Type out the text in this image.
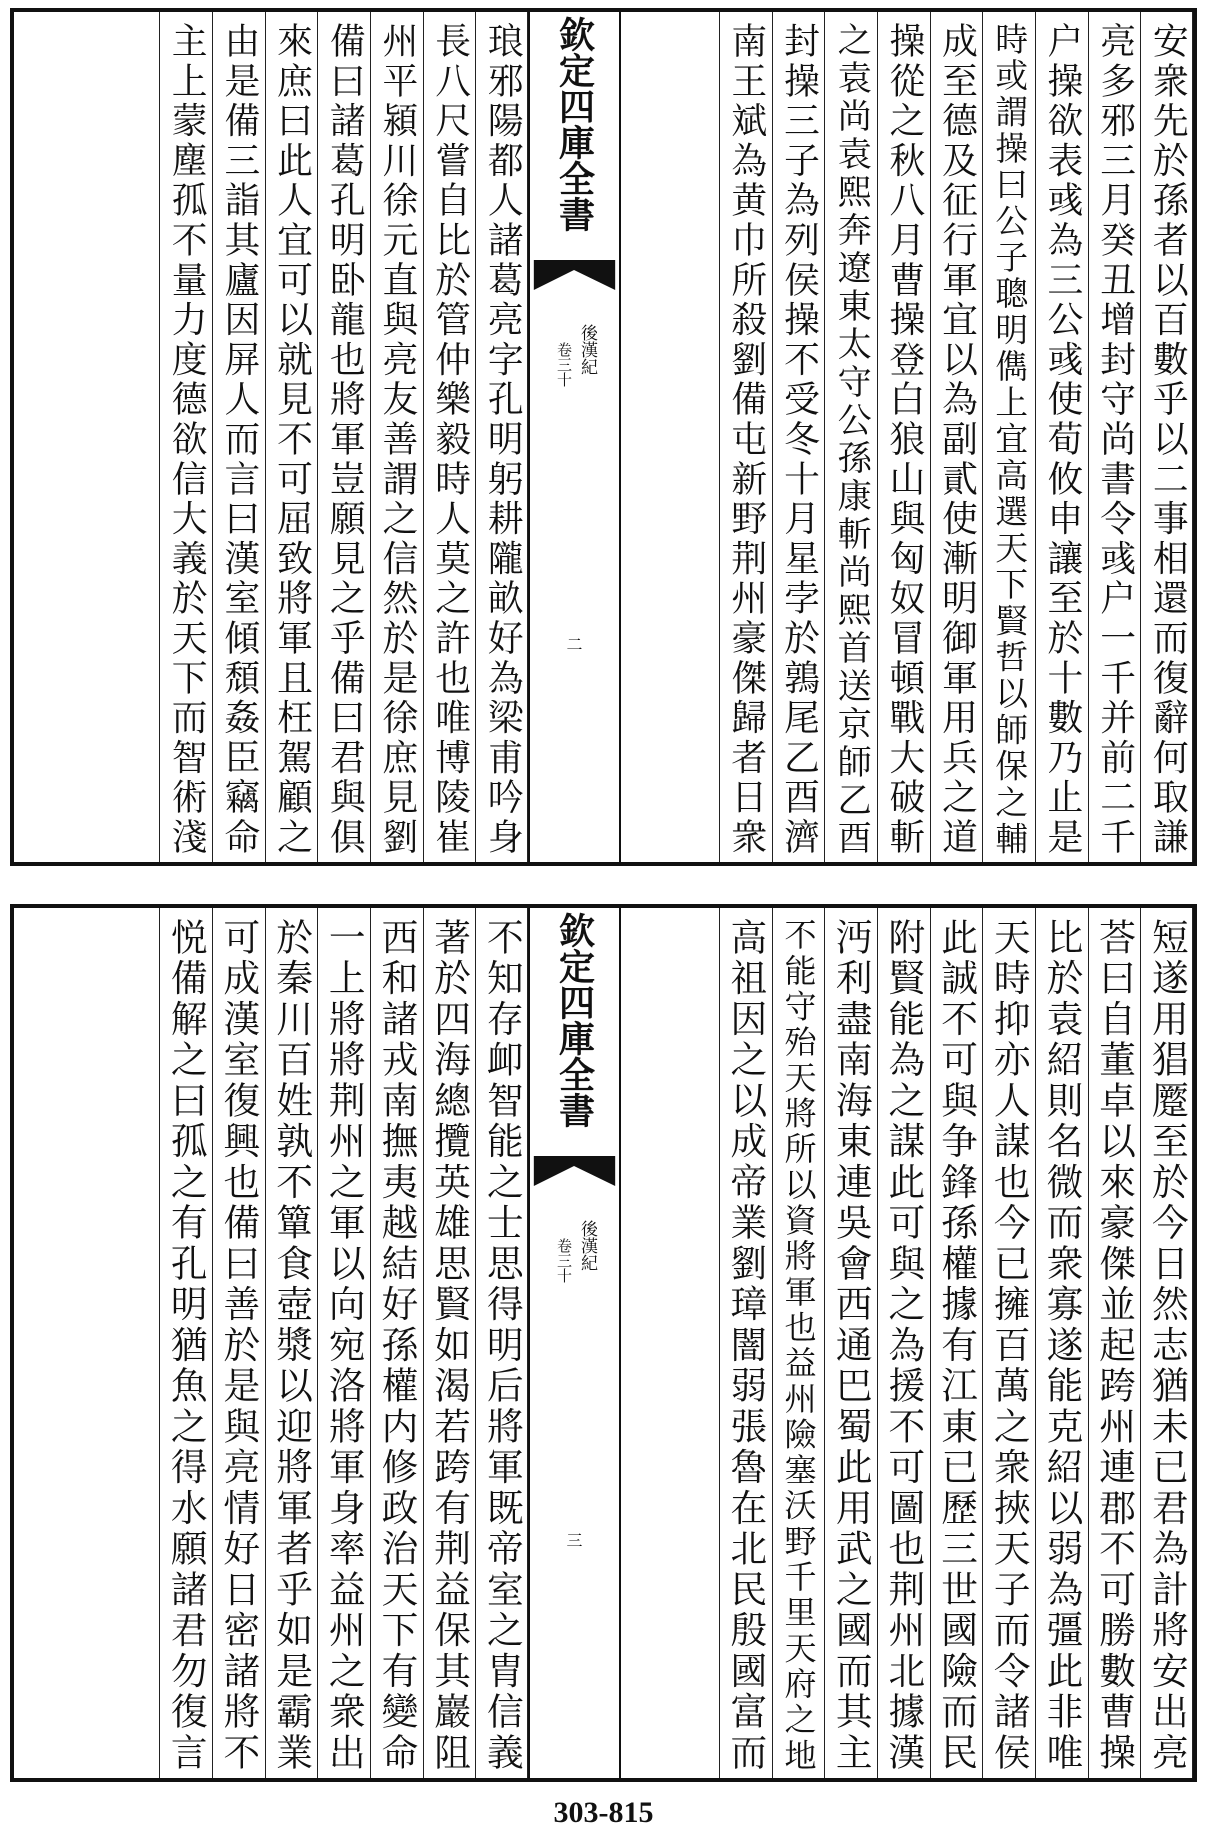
安衆先於孫者以百數乎以二事相還而復辭何取謙
亮多邪三月癸丑增封守尚書令彧户一千并前二千
户操欲表彧為三公彧使荀攸申讓至於十數乃止是
時或謂操曰公子聰明儁上宜高選天下賢哲以師保之輔
成至德及征行軍宜以為副貳使漸明御軍用兵之道
操從之秋八月曹操登白狼山與匈奴冒頓戰大破斬
之袁尚袁熙奔遼東太守公孫康斬尚熙首送京師乙酉
封操三子為列侯操不受冬十月星孛於鶉尾乙酉濟
南王斌為黄巾所殺劉備屯新野荆州豪傑歸者日衆
欽定四庫全書
後漢紀
卷三十
二
琅邪陽都人諸葛亮字孔明躬耕隴畝好為梁甫吟身
長八尺嘗自比於管仲樂毅時人莫之許也唯博陵崔
州平潁川徐元直與亮友善謂之信然於是徐庶見劉
備曰諸葛孔明卧龍也將軍豈願見之乎備曰君與俱
來庶曰此人宜可以就見不可屈致將軍且枉駕顧之
由是備三詣其廬因屏人而言曰漢室傾頹姦臣竊命
主上蒙塵孤不量力度德欲信大義於天下而智術淺
短遂用猖蹷至於今日然志猶未已君為計將安出亮
荅曰自董卓以來豪傑並起跨州連郡不可勝數曹操
比於袁紹則名微而衆寡遂能克紹以弱為彊此非唯
天時抑亦人謀也今已擁百萬之衆挾天子而令諸侯
此誠不可與争鋒孫權據有江東已歷三世國險而民
附賢能為之謀此可與之為援不可圖也荆州北據漢
沔利盡南海東連吳會西通巴蜀此用武之國而其主
不能守殆天將所以資將軍也益州險塞沃野千里天府之地
高祖因之以成帝業劉璋闇弱張魯在北民殷國富而
欽定四庫全書
後漢紀
卷三十
三
不知存卹智能之士思得明后將軍既帝室之胄信義
著於四海總攬英雄思賢如渴若跨有荆益保其巖阻
西和諸戎南撫夷越結好孫權内修政治天下有變命
一上將將荆州之軍以向宛洛將軍身率益州之衆出
於秦川百姓孰不簞食壺漿以迎將軍者乎如是霸業
可成漢室復興也備曰善於是與亮情好日密諸將不
悦備解之曰孤之有孔明猶魚之得水願諸君勿復言
303-815
